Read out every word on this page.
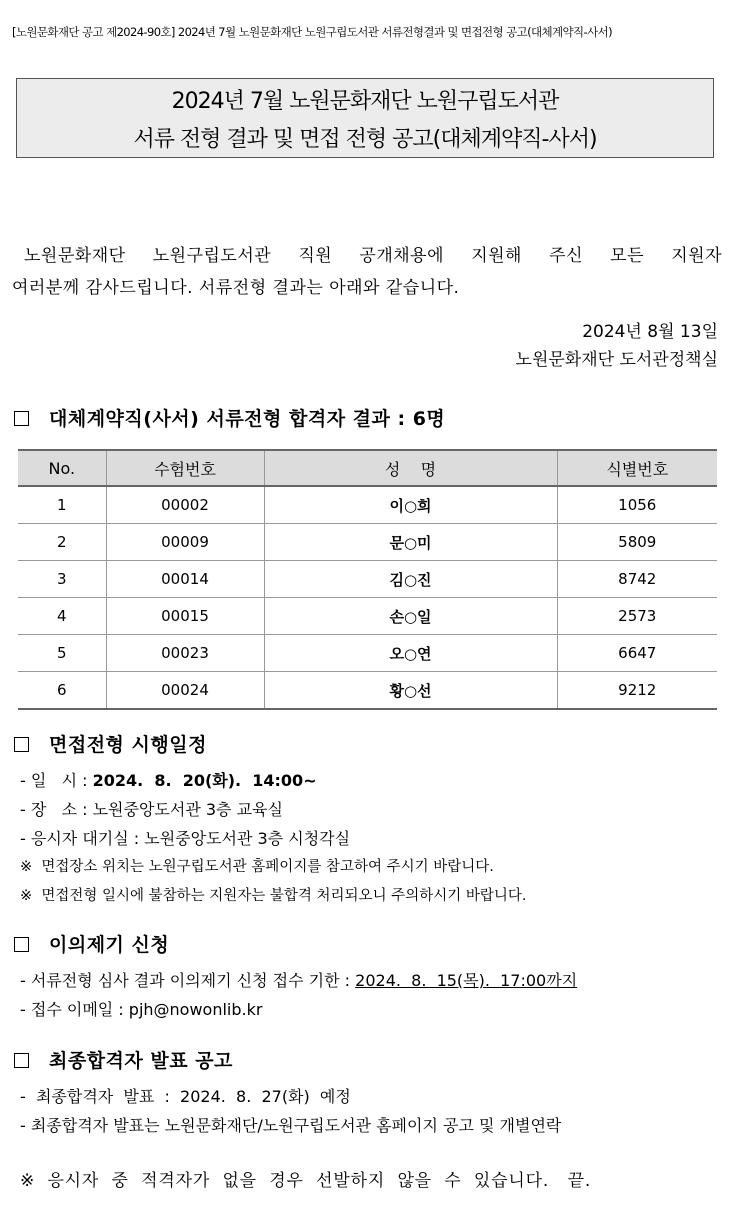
[노원문화재단 공고 제2024-90호] 2024년 7월 노원문화재단 노원구립도서관 서류전형결과 및 면접전형 공고(대체계약직-사서)
2024년 7월 노원문화재단 노원구립도서관
서류 전형 결과 및 면접 전형 공고(대체계약직-사서)
노원문화재단 노원구립도서관 직원 공개채용에 지원해 주신 모든 지원자
여러분께 감사드립니다. 서류전형 결과는 아래와 같습니다.
2024년 8월 13일
노원문화재단 도서관정책실
대체계약직(사서) 서류전형 합격자 결과 : 6명
No.	수험번호	성    명	식별번호
1	00002	이○희	1056
2	00009	문○미	5809
3	00014	김○진	8742
4	00015	손○일	2573
5	00023	오○연	6647
6	00024	황○선	9212
면접전형 시행일정
- 일   시 : 2024.  8.  20(화).  14:00~
- 장   소 : 노원중앙도서관 3층 교육실
- 응시자 대기실 : 노원중앙도서관 3층 시청각실
※  면접장소 위치는 노원구립도서관 홈페이지를 참고하여 주시기 바랍니다.
※  면접전형 일시에 불참하는 지원자는 불합격 처리되오니 주의하시기 바랍니다.
이의제기 신청
- 서류전형 심사 결과 이의제기 신청 접수 기한 : 2024.  8.  15(목).  17:00까지
- 접수 이메일 : pjh@nowonlib.kr
최종합격자 발표 공고
-  최종합격자  발표  :  2024.  8.  27(화)  예정
- 최종합격자 발표는 노원문화재단/노원구립도서관 홈페이지 공고 및 개별연락
※  응시자  중  적격자가  없을  경우  선발하지  않을  수  있습니다.   끝.
